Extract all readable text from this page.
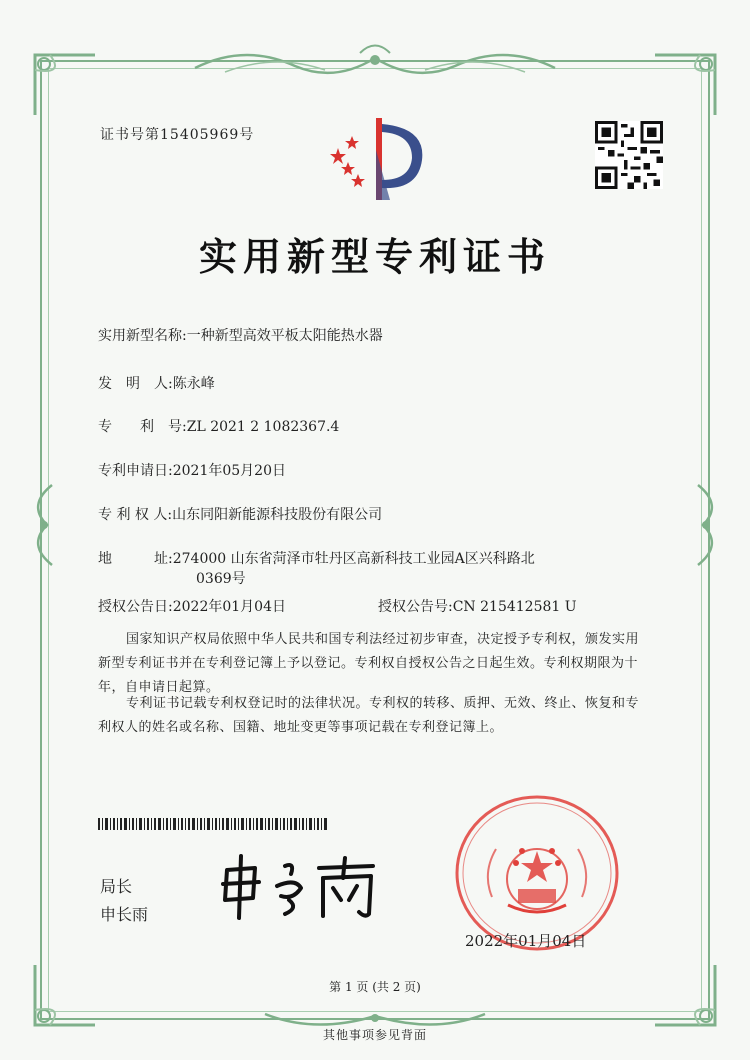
证书号第15405969号
实用新型专利证书
实用新型名称:一种新型高效平板太阳能热水器
发　明　人:陈永峰
专　　利　号:ZL 2021 2 1082367.4
专利申请日:2021年05月20日
专 利 权 人:山东同阳新能源科技股份有限公司
地　　　址:274000 山东省菏泽市牡丹区高新科技工业园A区兴科路北
0369号
授权公告日:2022年01月04日	授权公告号:CN 215412581 U
国家知识产权局依照中华人民共和国专利法经过初步审查，决定授予专利权，颁发实用
新型专利证书并在专利登记簿上予以登记。专利权自授权公告之日起生效。专利权期限为十
年，自申请日起算。
专利证书记载专利权登记时的法律状况。专利权的转移、质押、无效、终止、恢复和专
利权人的姓名或名称、国籍、地址变更等事项记载在专利登记簿上。
局长
申长雨
2022年01月04日
第 1 页 (共 2 页)
其他事项参见背面
